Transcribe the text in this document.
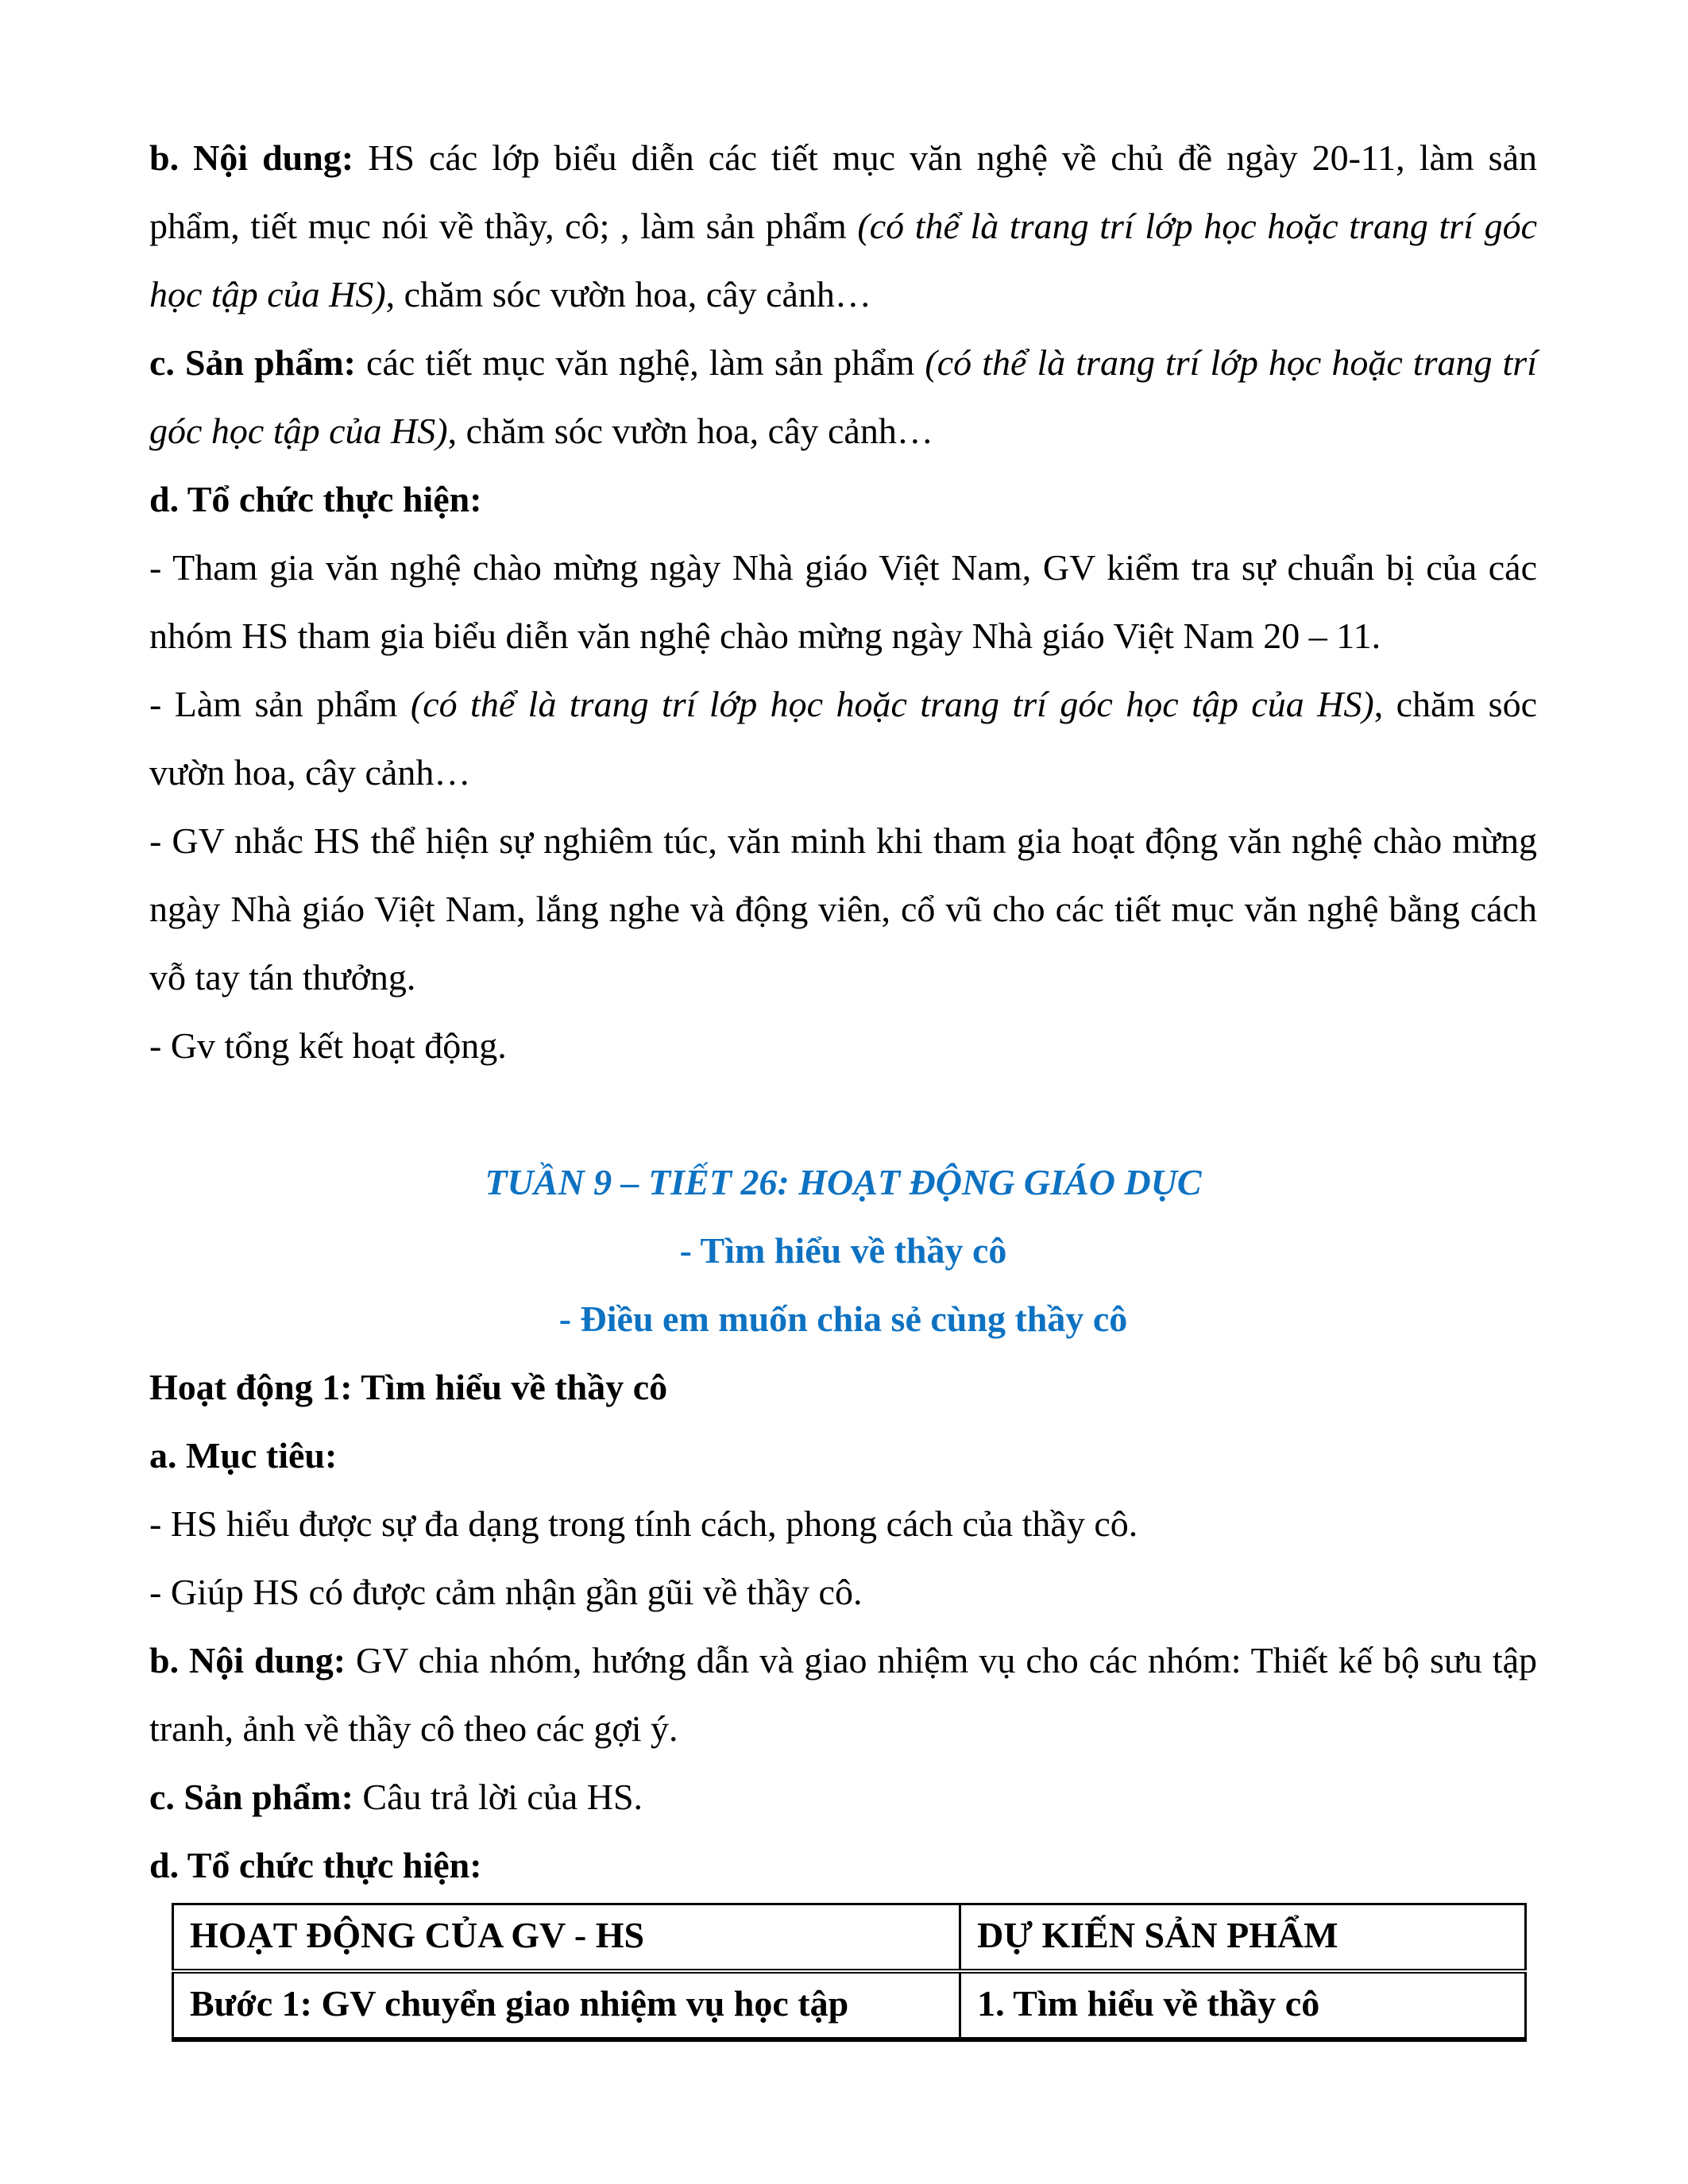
b. Nội dung: HS các lớp biểu diễn các tiết mục văn nghệ về chủ đề ngày 20-11, làm sản phẩm, tiết mục nói về thầy, cô; , làm sản phẩm (có thể là trang trí lớp học hoặc trang trí góc học tập của HS), chăm sóc vườn hoa, cây cảnh…

c. Sản phẩm: các tiết mục văn nghệ, làm sản phẩm (có thể là trang trí lớp học hoặc trang trí góc học tập của HS), chăm sóc vườn hoa, cây cảnh…

d. Tổ chức thực hiện:

- Tham gia văn nghệ chào mừng ngày Nhà giáo Việt Nam, GV kiểm tra sự chuẩn bị của các nhóm HS tham gia biểu diễn văn nghệ chào mừng ngày Nhà giáo Việt Nam 20 – 11.

- Làm sản phẩm (có thể là trang trí lớp học hoặc trang trí góc học tập của HS), chăm sóc vườn hoa, cây cảnh…

- GV nhắc HS thể hiện sự nghiêm túc, văn minh khi tham gia hoạt động văn nghệ chào mừng ngày Nhà giáo Việt Nam, lắng nghe và động viên, cổ vũ cho các tiết mục văn nghệ bằng cách vỗ tay tán thưởng.

- Gv tổng kết hoạt động.

TUẦN 9 – TIẾT 26: HOẠT ĐỘNG GIÁO DỤC

- Tìm hiểu về thầy cô

- Điều em muốn chia sẻ cùng thầy cô

Hoạt động 1: Tìm hiểu về thầy cô

a. Mục tiêu:

- HS hiểu được sự đa dạng trong tính cách, phong cách của thầy cô.

- Giúp HS có được cảm nhận gần gũi về thầy cô.

b. Nội dung: GV chia nhóm, hướng dẫn và giao nhiệm vụ cho các nhóm: Thiết kế bộ sưu tập tranh, ảnh về thầy cô theo các gợi ý.

c. Sản phẩm: Câu trả lời của HS.

d. Tổ chức thực hiện:

HOẠT ĐỘNG CỦA GV - HS	DỰ KIẾN SẢN PHẨM
Bước 1: GV chuyển giao nhiệm vụ học tập	1. Tìm hiểu về thầy cô
